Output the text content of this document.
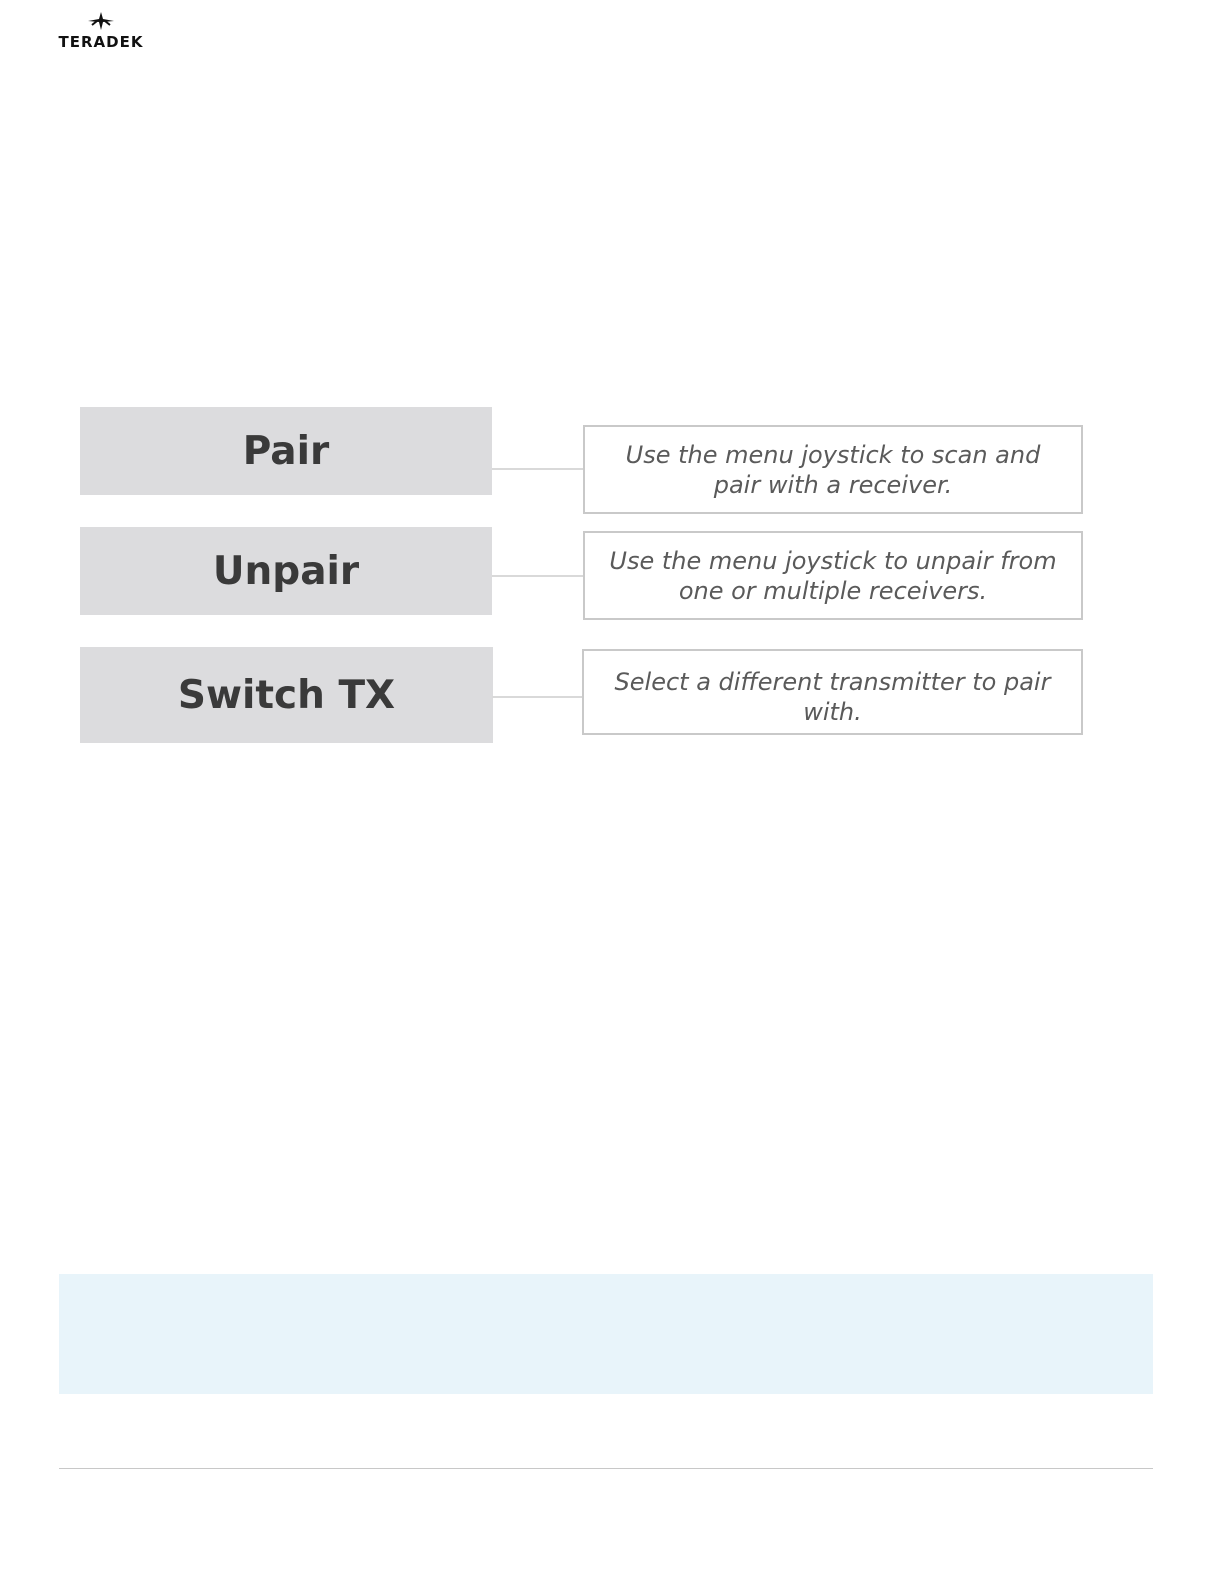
TERADEK
Pair	Use the menu joystick to scan and pair with a receiver.
Unpair	Use the menu joystick to unpair from one or multiple receivers.
Switch TX	Select a different transmitter to pair with.
